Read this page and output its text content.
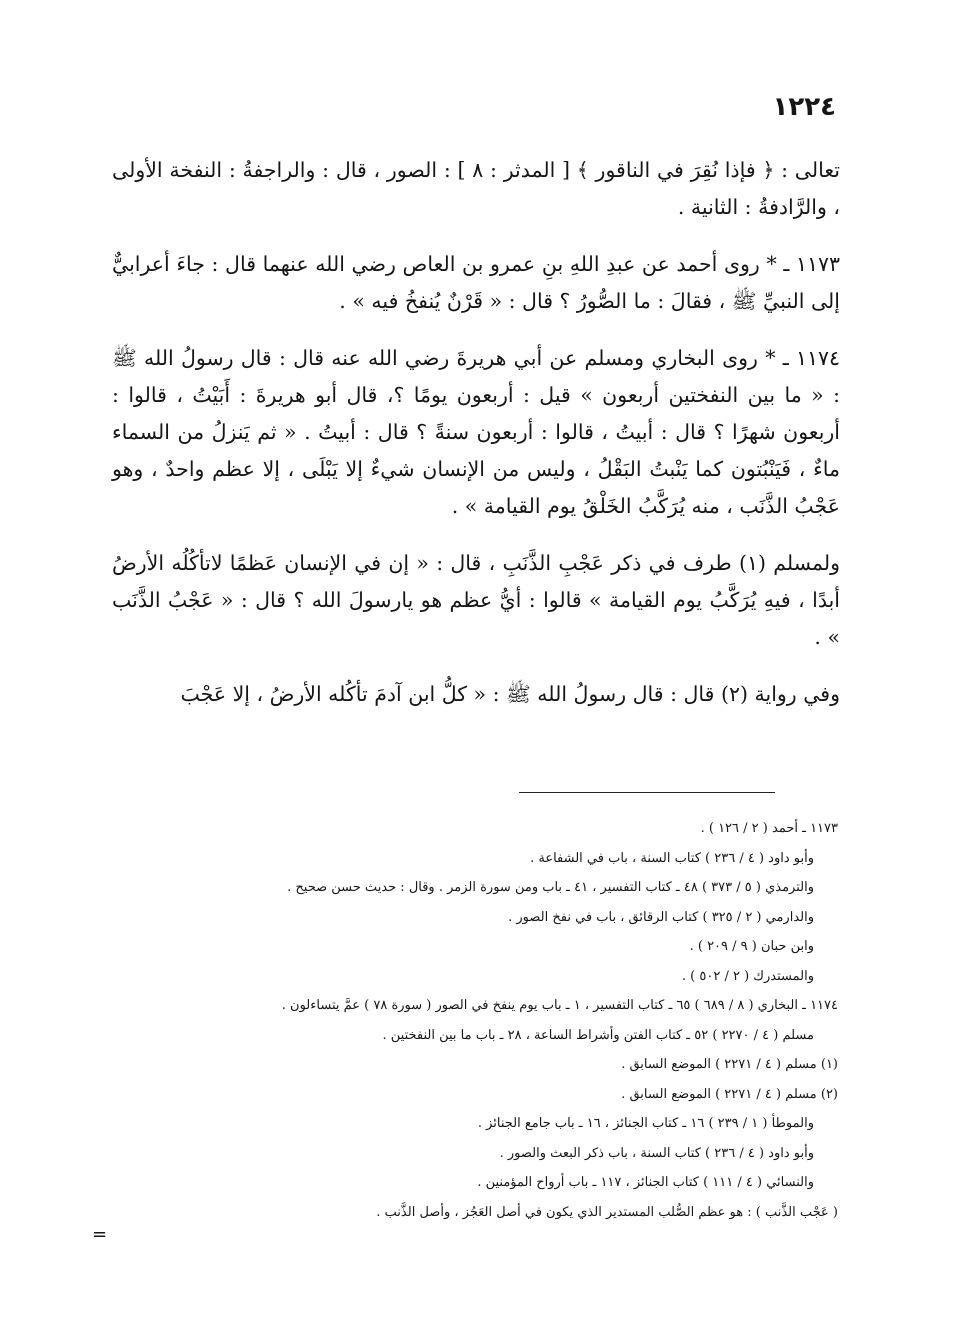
١٢٢٤

تعالى : ﴿ فإذا نُقِرَ في الناقور ﴾ [ المدثر : ٨ ] : الصور ، قال : والراجفةُ : النفخة الأولى ، والرَّادفةُ : الثانية .

١١٧٣ ـ * روى أحمد عن عبدِ اللهِ بنِ عمرو بن العاص رضي الله عنهما قال : جاءَ أعرابيٌّ إلى النبيِّ ﷺ ، فقالَ : ما الصُّورُ ؟ قال : « قَرْنٌ يُنفخُ فيه » .

١١٧٤ ـ * روى البخاري ومسلم عن أبي هريرةَ رضي الله عنه قال : قال رسولُ الله ﷺ : « ما بين النفختين أربعون » قيل : أربعون يومًا ؟، قال أبو هريرةَ : أَبَيْتُ ، قالوا : أربعون شهرًا ؟ قال : أبيتُ ، قالوا : أربعون سنةً ؟ قال : أبيتُ . « ثم يَنزلُ من السماء ماءٌ ، فَيَنْبُتون كما يَنْبتُ البَقْلُ ، وليس من الإنسان شيءٌ إلا يَبْلَى ، إلا عظم واحدٌ ، وهو عَجْبُ الذَّنَب ، منه يُرَكَّبُ الخَلْقُ يوم القيامة » .

ولمسلم (١) طرف في ذكر عَجْبِ الذَّنَبِ ، قال : « إن في الإنسان عَظمًا لاتأكُلُه الأرضُ أبدًا ، فيهِ يُرَكَّبُ يوم القيامة » قالوا : أيُّ عظم هو يارسولَ الله ؟ قال : « عَجْبُ الذَّنَب » .

وفي رواية (٢) قال : قال رسولُ الله ﷺ : « كلُّ ابن آدمَ تأكُله الأرضُ ، إلا عَجْبَ

١١٧٣ ـ أحمد ( ٢ / ١٢٦ ) .
وأبو داود ( ٤ / ٢٣٦ ) كتاب السنة ، باب في الشفاعة .
والترمذي ( ٥ / ٣٧٣ ) ٤٨ ـ كتاب التفسير ، ٤١ ـ باب ومن سورة الزمر . وقال : حديث حسن صحيح .
والدارمي ( ٢ / ٣٢٥ ) كتاب الرقائق ، باب في نفخ الصور .
وابن حبان ( ٩ / ٢٠٩ ) .
والمستدرك ( ٢ / ٥٠٢ ) .
١١٧٤ ـ البخاري ( ٨ / ٦٨٩ ) ٦٥ ـ كتاب التفسير ، ١ ـ باب يوم ينفخ في الصور ( سورة ٧٨ ) عمَّ يتساءلون .
مسلم ( ٤ / ٢٢٧٠ ) ٥٢ ـ كتاب الفتن وأشراط الساعة ، ٢٨ ـ باب ما بين النفختين .
(١) مسلم ( ٤ / ٢٢٧١ ) الموضع السابق .
(٢) مسلم ( ٤ / ٢٢٧١ ) الموضع السابق .
والموطأ ( ١ / ٢٣٩ ) ١٦ ـ كتاب الجنائز ، ١٦ ـ باب جامع الجنائز .
وأبو داود ( ٤ / ٢٣٦ ) كتاب السنة ، باب ذكر البعث والصور .
والنسائي ( ٤ / ١١١ ) كتاب الجنائز ، ١١٧ ـ باب أرواح المؤمنين .
( عَجْب الذَّنب ) : هو عظم الصُّلب المستدير الذي يكون في أصل العَجُز ، وأصل الذَّنب .
=
